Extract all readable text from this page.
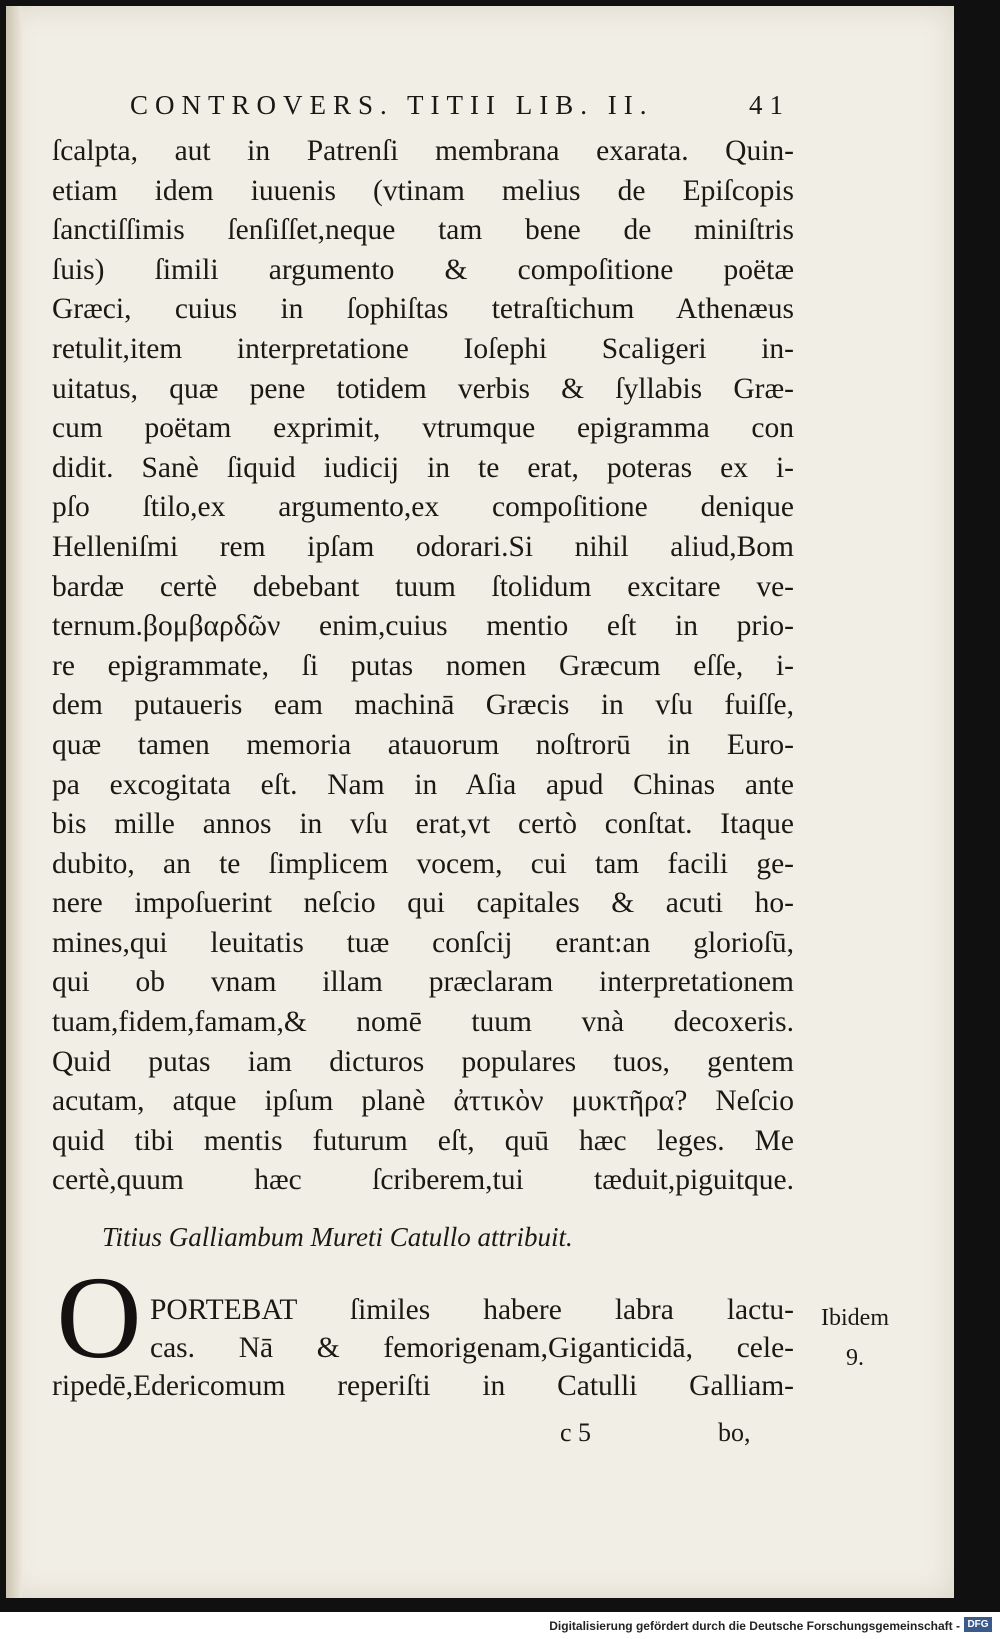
CONTROVERS. TITII LIB. II.	41
ſcalpta, aut in Patrenſi membrana exarata. Quin-
etiam idem iuuenis (vtinam melius de Epiſcopis
ſanctiſſimis ſenſiſſet,neque tam bene de miniſtris
ſuis) ſimili argumento & compoſitione poëtæ
Græci, cuius in ſophiſtas tetraſtichum Athenæus
retulit,item interpretatione Ioſephi Scaligeri in-
uitatus, quæ pene totidem verbis & ſyllabis Græ-
cum poëtam exprimit, vtrumque epigramma con
didit. Sanè ſiquid iudicij in te erat, poteras ex i-
pſo ſtilo,ex argumento,ex compoſitione denique
Helleniſmi rem ipſam odorari.Si nihil aliud,Bom
bardæ certè debebant tuum ſtolidum excitare ve-
ternum.βομβαρδῶν enim,cuius mentio eſt in prio-
re epigrammate, ſi putas nomen Græcum eſſe, i-
dem putaueris eam machinā Græcis in vſu fuiſſe,
quæ tamen memoria atauorum noſtrorū in Euro-
pa excogitata eſt. Nam in Aſia apud Chinas ante
bis mille annos in vſu erat,vt certò conſtat. Itaque
dubito, an te ſimplicem vocem, cui tam facili ge-
nere impoſuerint neſcio qui capitales & acuti ho-
mines,qui leuitatis tuæ conſcij erant:an glorioſū,
qui ob vnam illam præclaram interpretationem
tuam,fidem,famam,& nomē tuum vnà decoxeris.
Quid putas iam dicturos populares tuos, gentem
acutam, atque ipſum planè ἀττικὸν μυκτῆρα? Neſcio
quid tibi mentis futurum eſt, quū hæc leges. Me
certè,quum hæc ſcriberem,tui tæduit,piguitque.
Titius Galliambum Mureti Catullo attribuit.
O PORTEBAT ſimiles habere labra lactu-
cas. Nā & femorigenam,Giganticidā, cele-
ripedē,Edericomum reperiſti in Catulli Galliam-
Ibidem
9.
c 5	bo,
Digitalisierung gefördert durch die Deutsche Forschungsgemeinschaft - DFG
